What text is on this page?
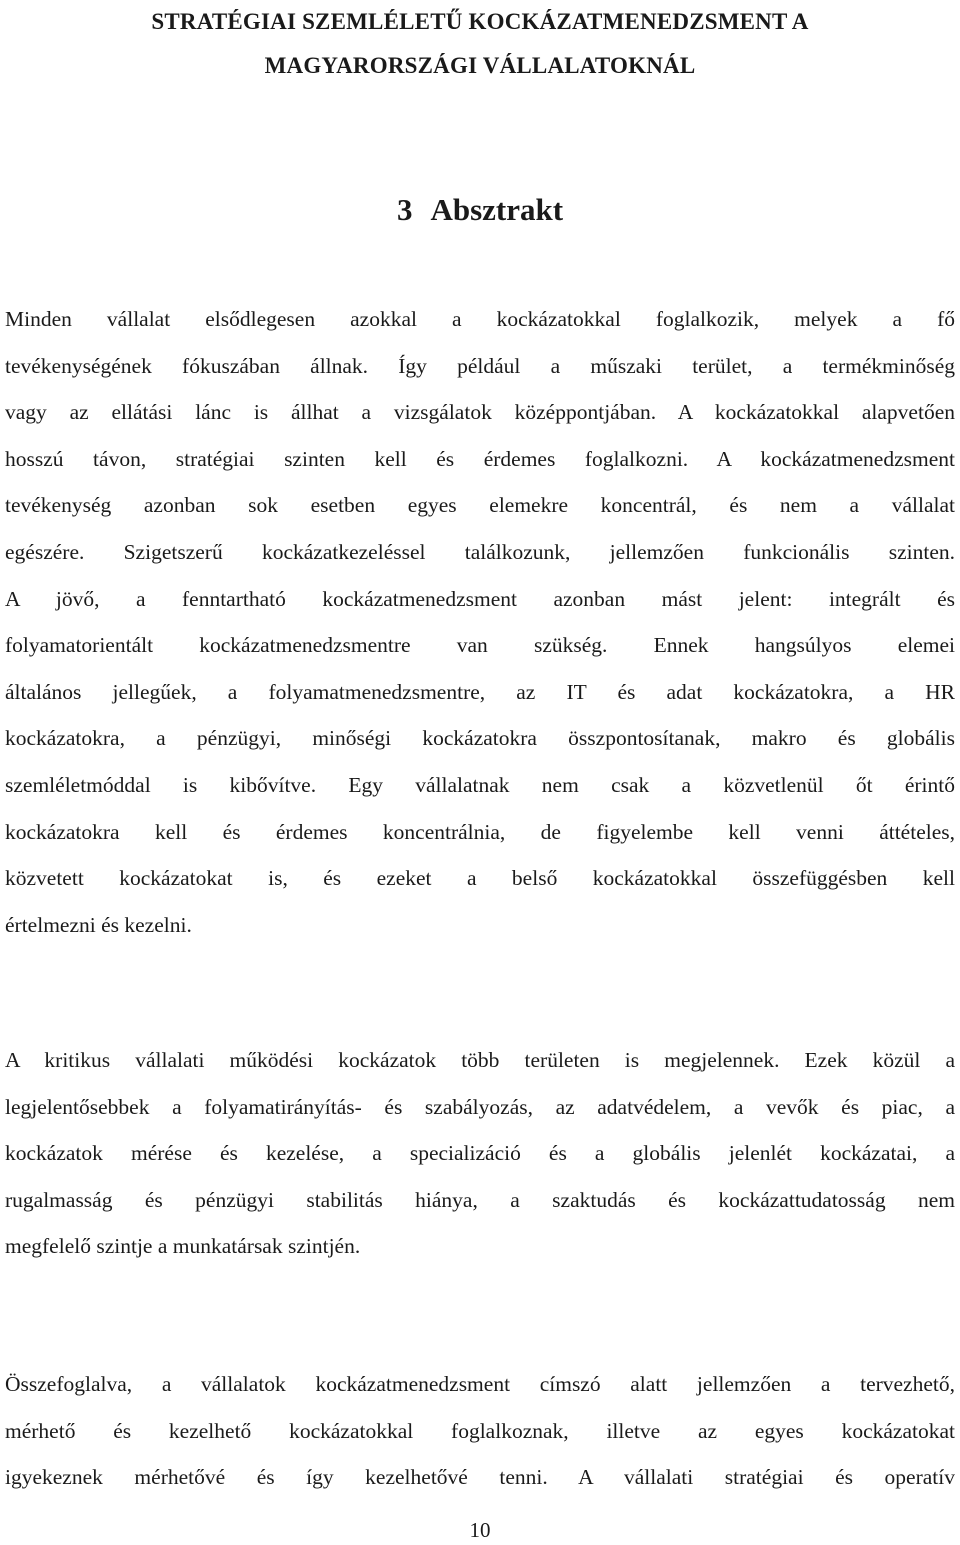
STRATÉGIAI SZEMLÉLETŰ KOCKÁZATMENEDZSMENT A
MAGYARORSZÁGI VÁLLALATOKNÁL
3 Absztrakt
Minden vállalat elsődlegesen azokkal a kockázatokkal foglalkozik, melyek a fő
tevékenységének fókuszában állnak. Így például a műszaki terület, a termékminőség
vagy az ellátási lánc is állhat a vizsgálatok középpontjában. A kockázatokkal alapvetően
hosszú távon, stratégiai szinten kell és érdemes foglalkozni. A kockázatmenedzsment
tevékenység azonban sok esetben egyes elemekre koncentrál, és nem a vállalat
egészére. Szigetszerű kockázatkezeléssel találkozunk, jellemzően funkcionális szinten.
A jövő, a fenntartható kockázatmenedzsment azonban mást jelent: integrált és
folyamatorientált kockázatmenedzsmentre van szükség. Ennek hangsúlyos elemei
általános jellegűek, a folyamatmenedzsmentre, az IT és adat kockázatokra, a HR
kockázatokra, a pénzügyi, minőségi kockázatokra összpontosítanak, makro és globális
szemléletmóddal is kibővítve. Egy vállalatnak nem csak a közvetlenül őt érintő
kockázatokra kell és érdemes koncentrálnia, de figyelembe kell venni áttételes,
közvetett kockázatokat is, és ezeket a belső kockázatokkal összefüggésben kell
értelmezni és kezelni.
A kritikus vállalati működési kockázatok több területen is megjelennek. Ezek közül a
legjelentősebbek a folyamatirányítás- és szabályozás, az adatvédelem, a vevők és piac, a
kockázatok mérése és kezelése, a specializáció és a globális jelenlét kockázatai, a
rugalmasság és pénzügyi stabilitás hiánya, a szaktudás és kockázattudatosság nem
megfelelő szintje a munkatársak szintjén.
Összefoglalva, a vállalatok kockázatmenedzsment címszó alatt jellemzően a tervezhető,
mérhető és kezelhető kockázatokkal foglalkoznak, illetve az egyes kockázatokat
igyekeznek mérhetővé és így kezelhetővé tenni. A vállalati stratégiai és operatív
10
